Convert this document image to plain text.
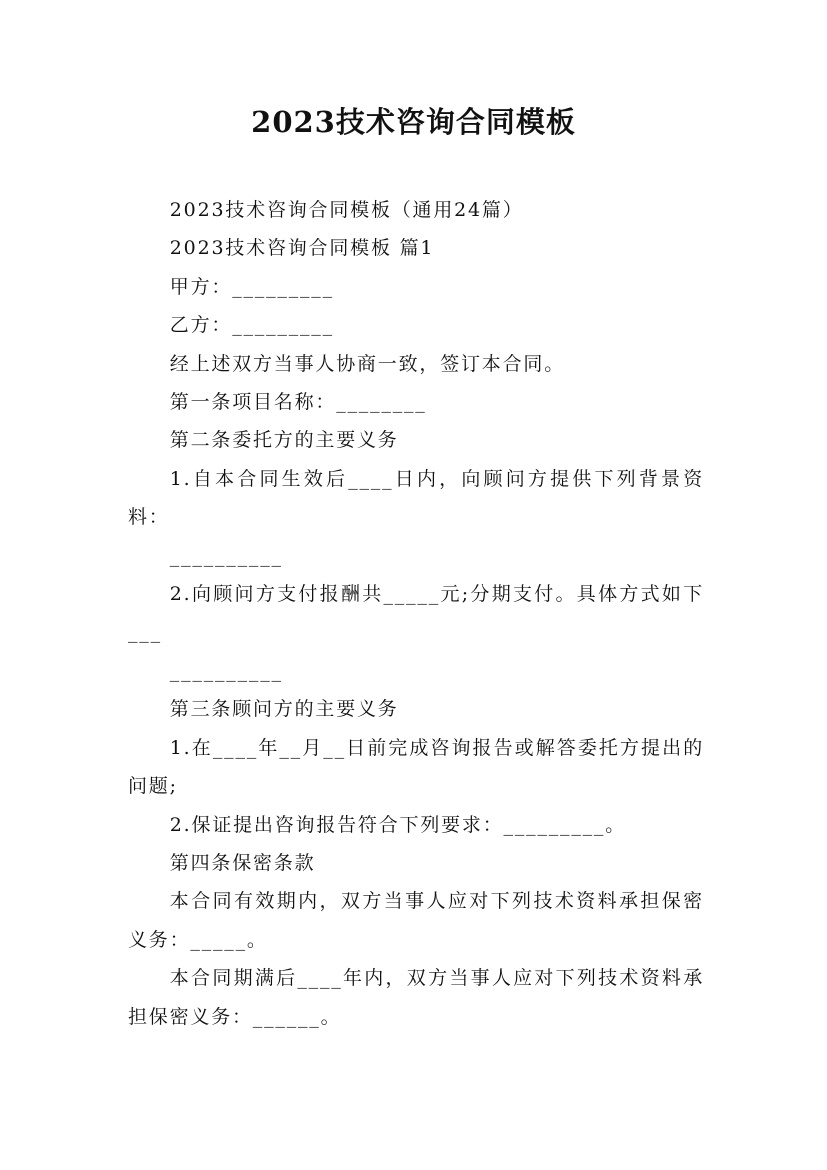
2023技术咨询合同模板

2023技术咨询合同模板（通用24篇）

2023技术咨询合同模板 篇1

甲方：_________

乙方：_________

经上述双方当事人协商一致，签订本合同。

第一条项目名称：________

第二条委托方的主要义务

1.自本合同生效后____日内，向顾问方提供下列背景资料：

__________

2.向顾问方支付报酬共_____元;分期支付。具体方式如下___

__________

第三条顾问方的主要义务

1.在____年__月__日前完成咨询报告或解答委托方提出的问题;

2.保证提出咨询报告符合下列要求：_________。

第四条保密条款

本合同有效期内，双方当事人应对下列技术资料承担保密义务：_____。

本合同期满后____年内，双方当事人应对下列技术资料承担保密义务：______。
